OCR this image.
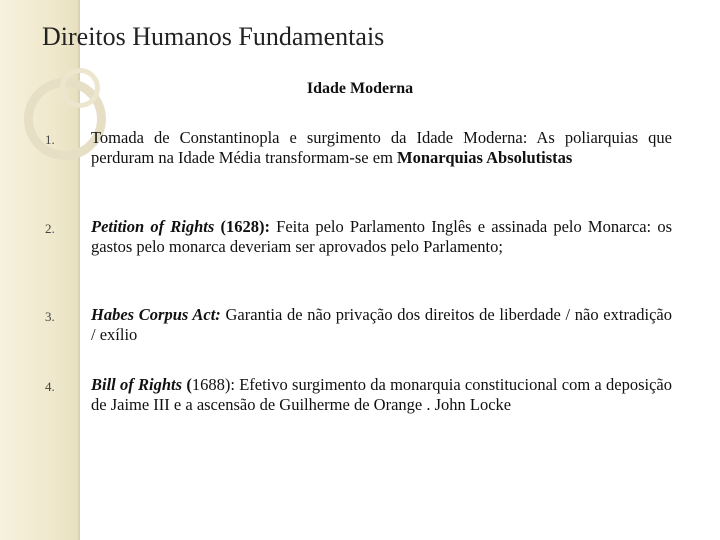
Direitos Humanos Fundamentais
Idade Moderna
1. Tomada de Constantinopla e surgimento da Idade Moderna: As poliarquias que perduram na Idade Média transformam-se em Monarquias Absolutistas
2. Petition of Rights (1628): Feita pelo Parlamento Inglês e assinada pelo Monarca: os gastos pelo monarca deveriam ser aprovados pelo Parlamento;
3. Habes Corpus Act: Garantia de não privação dos direitos de liberdade / não extradição / exílio
4. Bill of Rights (1688): Efetivo surgimento da monarquia constitucional com a deposição de Jaime III e a ascensão de Guilherme de Orange . John Locke
